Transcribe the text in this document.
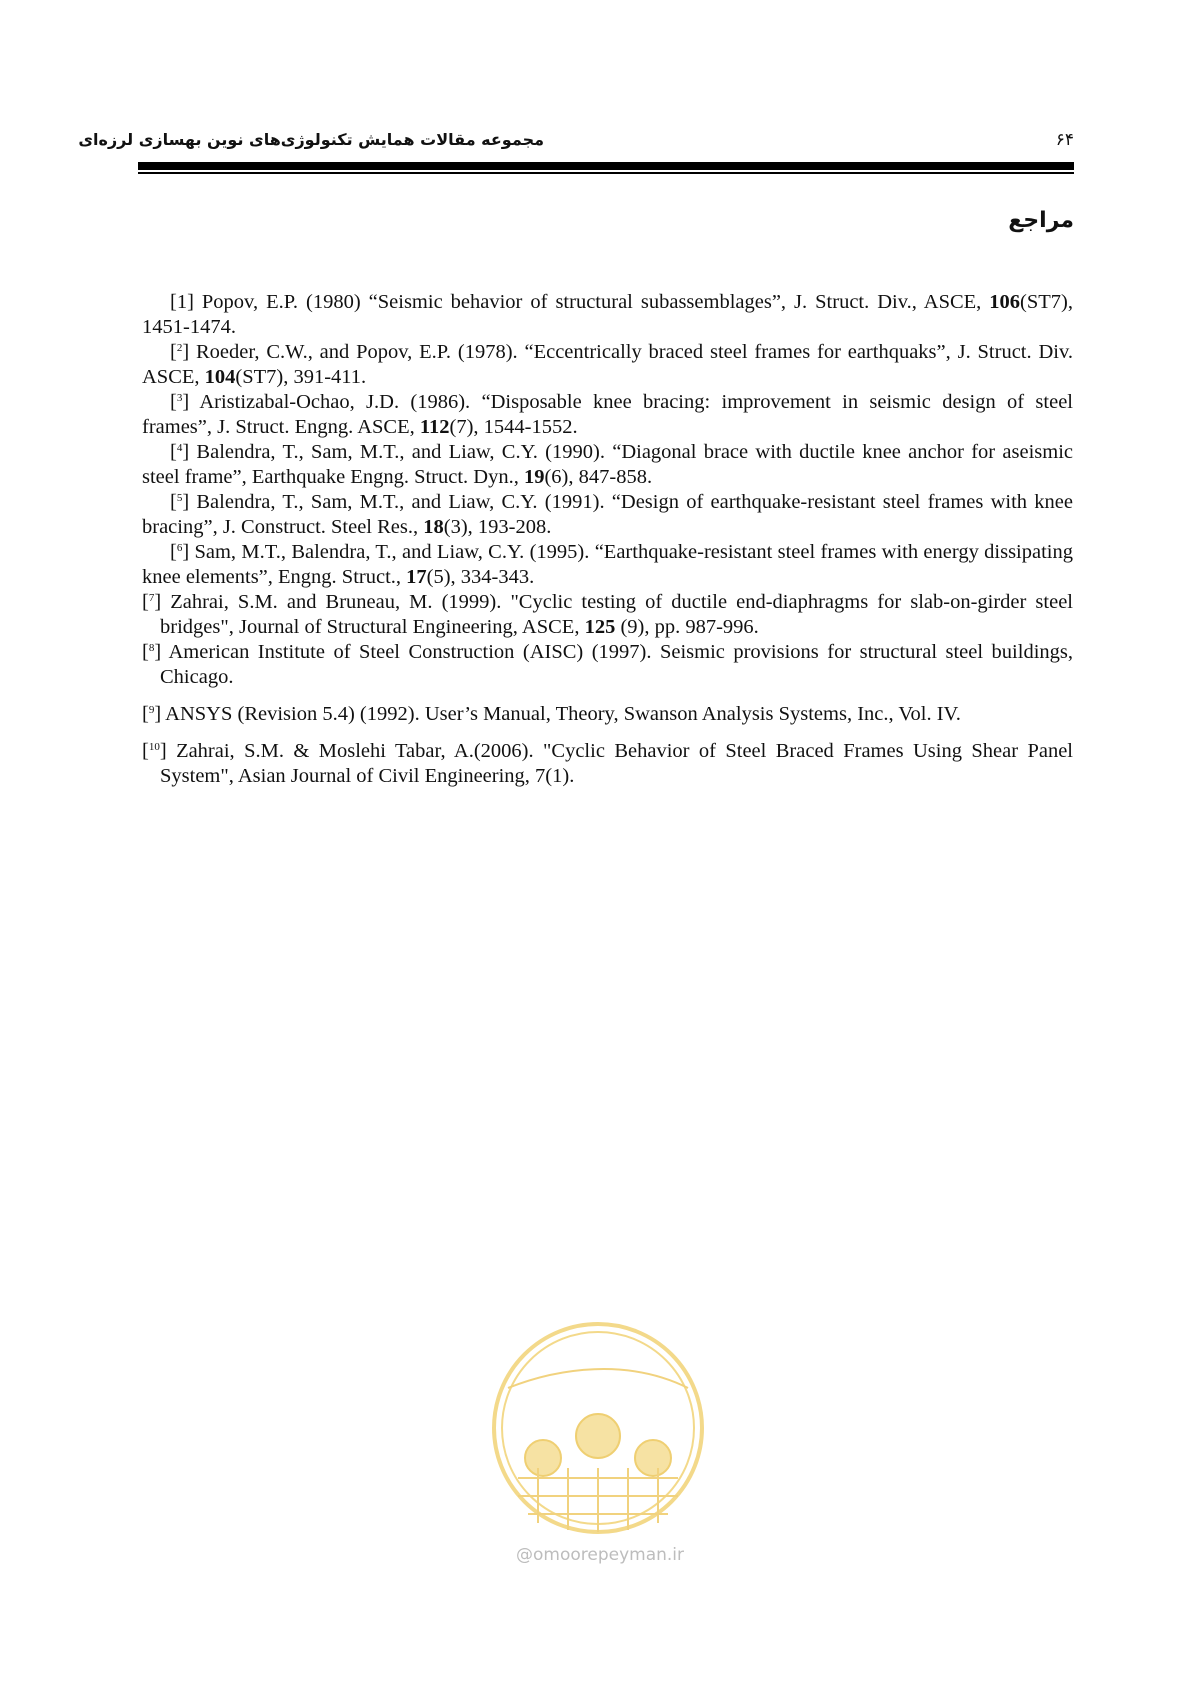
مجموعه مقالات همایش تکنولوژی‌های نوین بهسازی لرزه‌ای	۶۴
مراجع

[1] Popov, E.P. (1980) “Seismic behavior of structural subassemblages”, J. Struct. Div., ASCE, 106(ST7), 1451-1474.

[$^2$] Roeder, C.W., and Popov, E.P. (1978). “Eccentrically braced steel frames for earthquaks”, J. Struct. Div. ASCE, 104(ST7), 391-411.

[$^3$] Aristizabal-Ochao, J.D. (1986). “Disposable knee bracing: improvement in seismic design of steel frames”, J. Struct. Engng. ASCE, 112(7), 1544-1552.

[$^4$] Balendra, T., Sam, M.T., and Liaw, C.Y. (1990). “Diagonal brace with ductile knee anchor for aseismic steel frame”, Earthquake Engng. Struct. Dyn., 19(6), 847-858.

[$^5$] Balendra, T., Sam, M.T., and Liaw, C.Y. (1991). “Design of earthquake-resistant steel frames with knee bracing”, J. Construct. Steel Res., 18(3), 193-208.

[$^6$] Sam, M.T., Balendra, T., and Liaw, C.Y. (1995). “Earthquake-resistant steel frames with energy dissipating knee elements”, Engng. Struct., 17(5), 334-343.

[$^7$] Zahrai, S.M. and Bruneau, M. (1999). "Cyclic testing of ductile end-diaphragms for slab-on-girder steel bridges", Journal of Structural Engineering, ASCE, 125 (9), pp. 987-996.

[$^8$] American Institute of Steel Construction (AISC) (1997). Seismic provisions for structural steel buildings, Chicago.

[$^9$] ANSYS (Revision 5.4) (1992). User’s Manual, Theory, Swanson Analysis Systems, Inc., Vol. IV.

[$^{10}$] Zahrai, S.M. & Moslehi Tabar, A.(2006). "Cyclic Behavior of Steel Braced Frames Using Shear Panel System", Asian Journal of Civil Engineering, 7(1).

@omoorepeyman.ir
